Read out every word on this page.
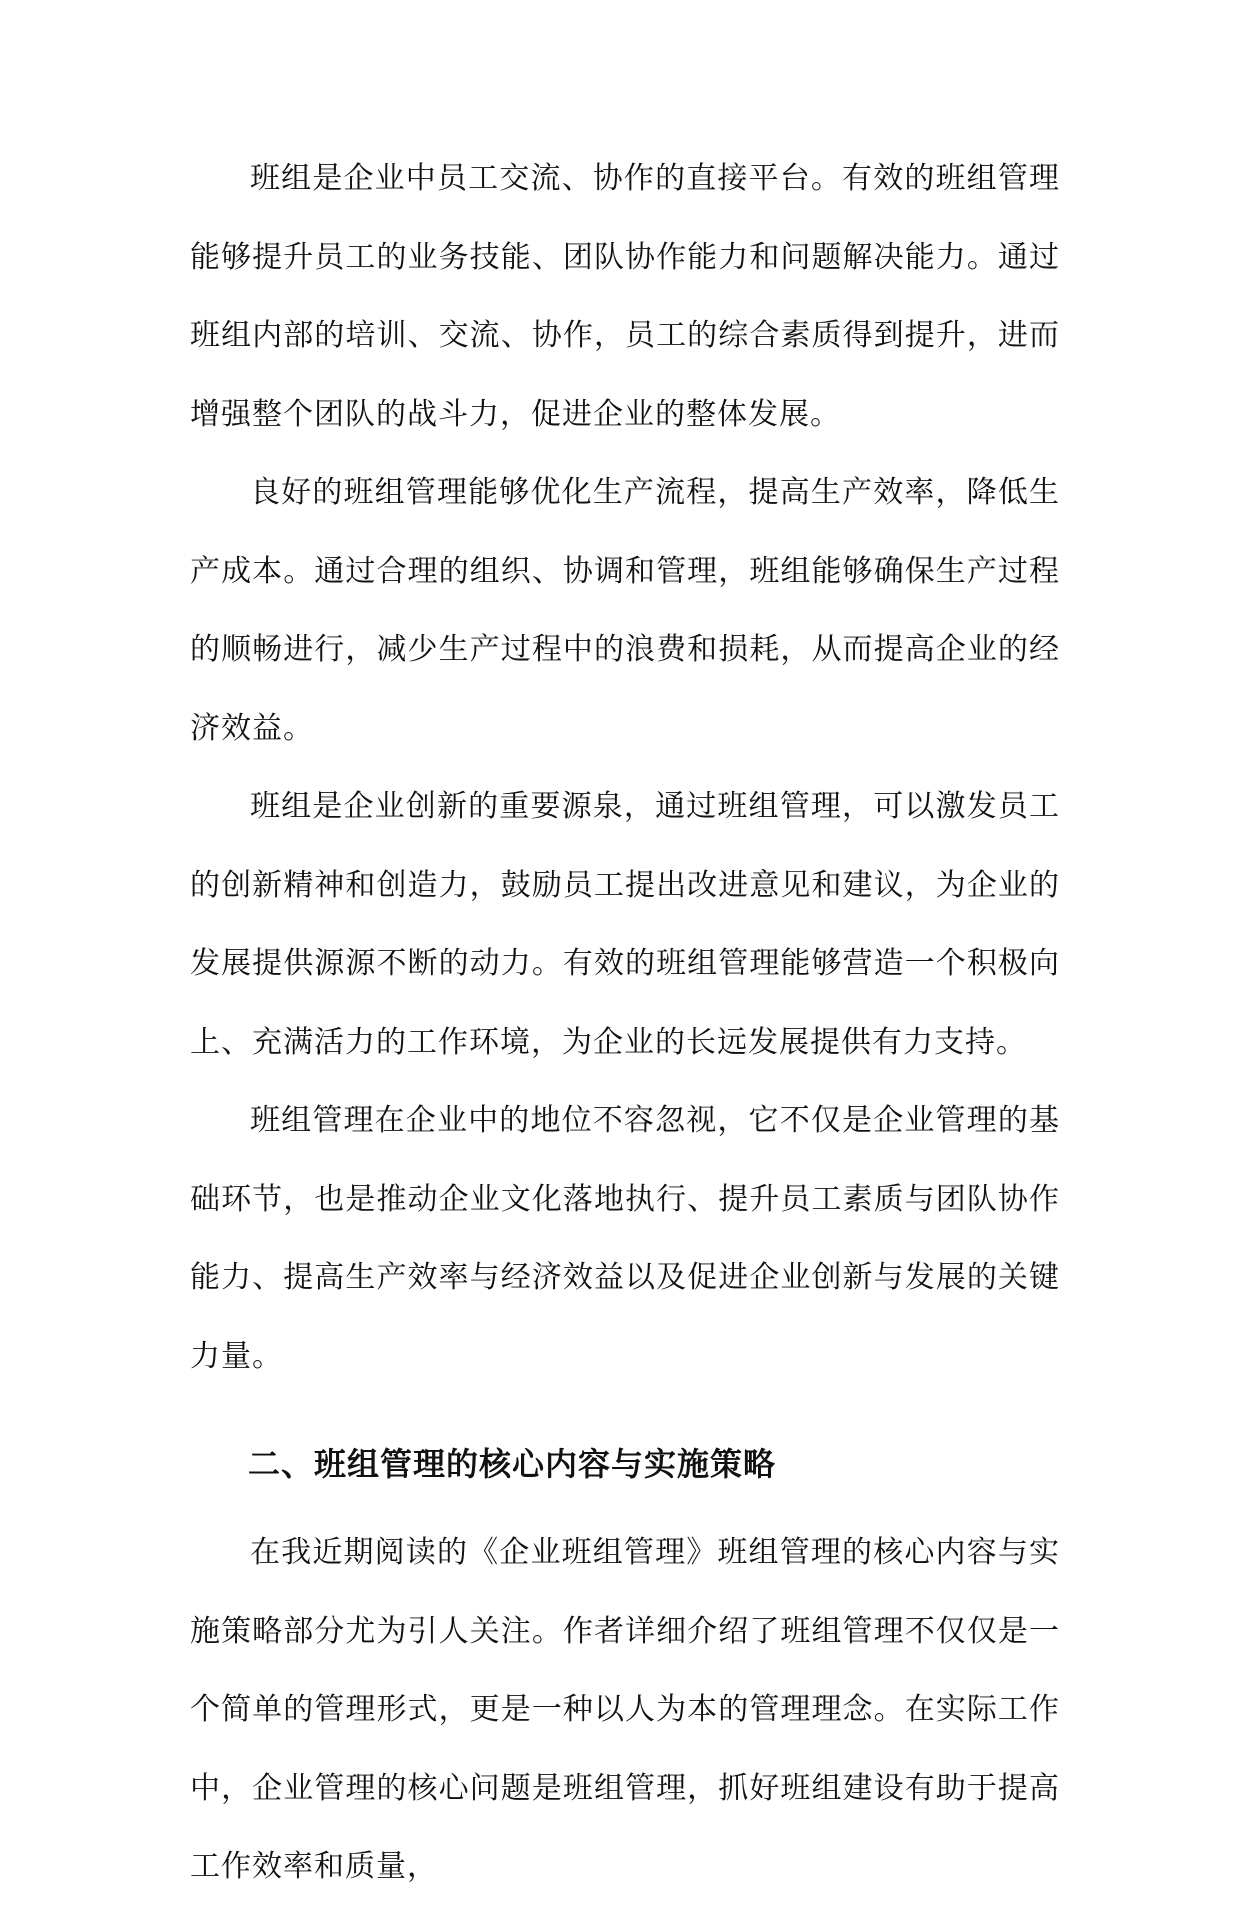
班组是企业中员工交流、协作的直接平台。有效的班组管理能够提升员工的业务技能、团队协作能力和问题解决能力。通过班组内部的培训、交流、协作，员工的综合素质得到提升，进而增强整个团队的战斗力，促进企业的整体发展。

良好的班组管理能够优化生产流程，提高生产效率，降低生产成本。通过合理的组织、协调和管理，班组能够确保生产过程的顺畅进行，减少生产过程中的浪费和损耗，从而提高企业的经济效益。

班组是企业创新的重要源泉，通过班组管理，可以激发员工的创新精神和创造力，鼓励员工提出改进意见和建议，为企业的发展提供源源不断的动力。有效的班组管理能够营造一个积极向上、充满活力的工作环境，为企业的长远发展提供有力支持。

班组管理在企业中的地位不容忽视，它不仅是企业管理的基础环节，也是推动企业文化落地执行、提升员工素质与团队协作能力、提高生产效率与经济效益以及促进企业创新与发展的关键力量。

二、班组管理的核心内容与实施策略

在我近期阅读的《企业班组管理》班组管理的核心内容与实施策略部分尤为引人关注。作者详细介绍了班组管理不仅仅是一个简单的管理形式，更是一种以人为本的管理理念。在实际工作中，企业管理的核心问题是班组管理，抓好班组建设有助于提高工作效率和质量，
